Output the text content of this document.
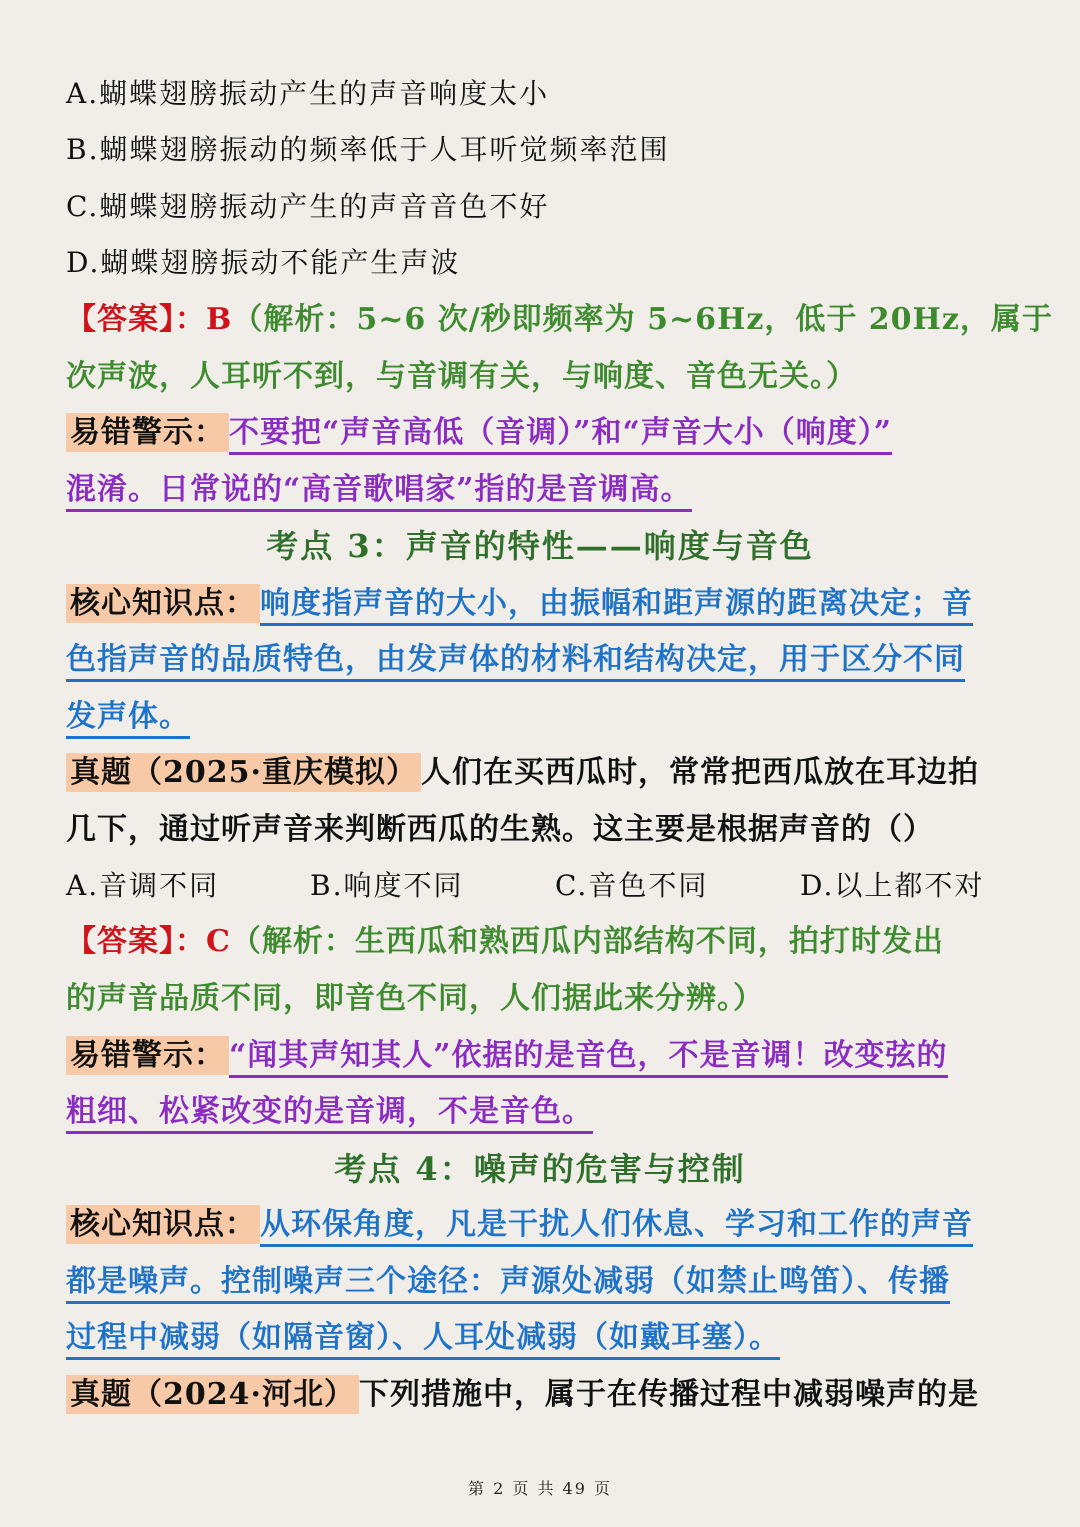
A.蝴蝶翅膀振动产生的声音响度太小
B.蝴蝶翅膀振动的频率低于人耳听觉频率范围
C.蝴蝶翅膀振动产生的声音音色不好
D.蝴蝶翅膀振动不能产生声波
【答案】：B（解析：5~6 次/秒即频率为 5~6Hz，低于 20Hz，属于
次声波，人耳听不到，与音调有关，与响度、音色无关。）
易错警示： 不要把“声音高低（音调）”和“声音大小（响度）”
混淆。日常说的“高音歌唱家”指的是音调高。
考点 3：声音的特性——响度与音色
核心知识点： 响度指声音的大小，由振幅和距声源的距离决定；音
色指声音的品质特色，由发声体的材料和结构决定，用于区分不同
发声体。
真题（2025·重庆模拟） 人们在买西瓜时，常常把西瓜放在耳边拍
几下，通过听声音来判断西瓜的生熟。这主要是根据声音的（）
A.音调不同	B.响度不同	C.音色不同	D.以上都不对
【答案】：C（解析：生西瓜和熟西瓜内部结构不同，拍打时发出
的声音品质不同，即音色不同，人们据此来分辨。）
易错警示： “闻其声知其人”依据的是音色，不是音调！改变弦的
粗细、松紧改变的是音调，不是音色。
考点 4：噪声的危害与控制
核心知识点： 从环保角度，凡是干扰人们休息、学习和工作的声音
都是噪声。控制噪声三个途径：声源处减弱（如禁止鸣笛）、传播
过程中减弱（如隔音窗）、人耳处减弱（如戴耳塞）。
真题（2024·河北） 下列措施中，属于在传播过程中减弱噪声的是
第 2 页 共 49 页
